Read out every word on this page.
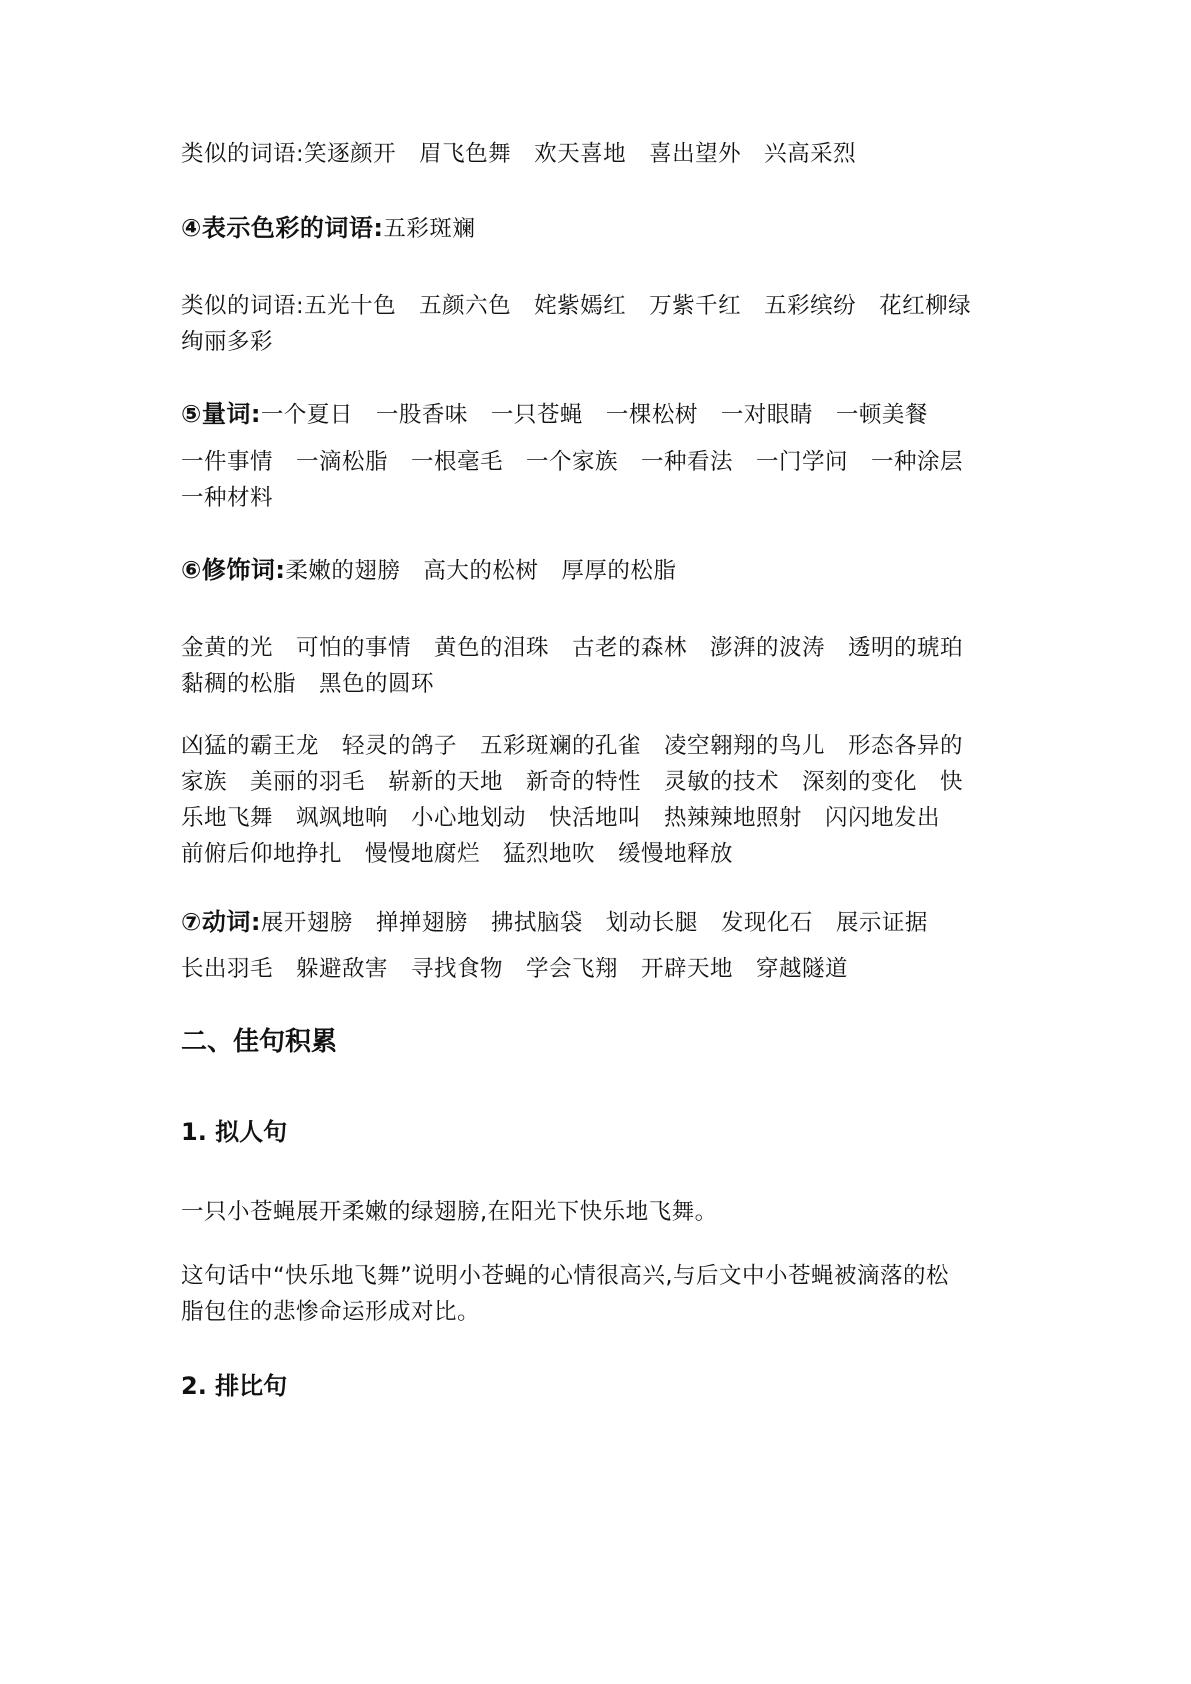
类似的词语:笑逐颜开　眉飞色舞　欢天喜地　喜出望外　兴高采烈

④表示色彩的词语:五彩斑斓

类似的词语:五光十色　五颜六色　姹紫嫣红　万紫千红　五彩缤纷　花红柳绿
绚丽多彩

⑤量词:一个夏日　一股香味　一只苍蝇　一棵松树　一对眼睛　一顿美餐

一件事情　一滴松脂　一根毫毛　一个家族　一种看法　一门学问　一种涂层
一种材料

⑥修饰词:柔嫩的翅膀　高大的松树　厚厚的松脂

金黄的光　可怕的事情　黄色的泪珠　古老的森林　澎湃的波涛　透明的琥珀
黏稠的松脂　黑色的圆环

凶猛的霸王龙　轻灵的鸽子　五彩斑斓的孔雀　凌空翱翔的鸟儿　形态各异的
家族　美丽的羽毛　崭新的天地　新奇的特性　灵敏的技术　深刻的变化　快
乐地飞舞　飒飒地响　小心地划动　快活地叫　热辣辣地照射　闪闪地发出
前俯后仰地挣扎　慢慢地腐烂　猛烈地吹　缓慢地释放

⑦动词:展开翅膀　掸掸翅膀　拂拭脑袋　划动长腿　发现化石　展示证据

长出羽毛　躲避敌害　寻找食物　学会飞翔　开辟天地　穿越隧道

二、佳句积累
1. 拟人句

一只小苍蝇展开柔嫩的绿翅膀,在阳光下快乐地飞舞。

这句话中“快乐地飞舞”说明小苍蝇的心情很高兴,与后文中小苍蝇被滴落的松
脂包住的悲惨命运形成对比。

2. 排比句
